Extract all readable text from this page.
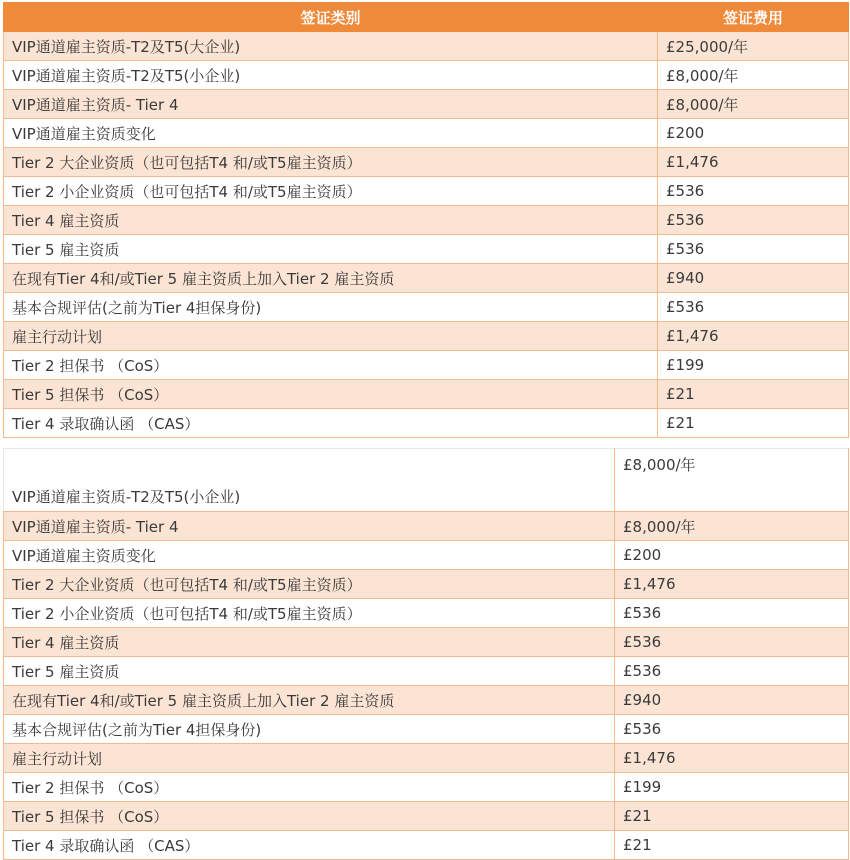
签证类别	签证费用
VIP通道雇主资质-T2及T5(大企业)	£25,000/年
VIP通道雇主资质-T2及T5(小企业)	£8,000/年
VIP通道雇主资质- Tier 4	£8,000/年
VIP通道雇主资质变化	£200
Tier 2 大企业资质（也可包括T4 和/或T5雇主资质）	£1,476
Tier 2 小企业资质（也可包括T4 和/或T5雇主资质）	£536
Tier 4 雇主资质	£536
Tier 5 雇主资质	£536
在现有Tier 4和/或Tier 5 雇主资质上加入Tier 2 雇主资质	£940
基本合规评估(之前为Tier 4担保身份)	£536
雇主行动计划	£1,476
Tier 2 担保书 （CoS）	£199
Tier 5 担保书 （CoS）	£21
Tier 4 录取确认函 （CAS）	£21
VIP通道雇主资质-T2及T5(小企业)	£8,000/年
VIP通道雇主资质- Tier 4	£8,000/年
VIP通道雇主资质变化	£200
Tier 2 大企业资质（也可包括T4 和/或T5雇主资质）	£1,476
Tier 2 小企业资质（也可包括T4 和/或T5雇主资质）	£536
Tier 4 雇主资质	£536
Tier 5 雇主资质	£536
在现有Tier 4和/或Tier 5 雇主资质上加入Tier 2 雇主资质	£940
基本合规评估(之前为Tier 4担保身份)	£536
雇主行动计划	£1,476
Tier 2 担保书 （CoS）	£199
Tier 5 担保书 （CoS）	£21
Tier 4 录取确认函 （CAS）	£21
